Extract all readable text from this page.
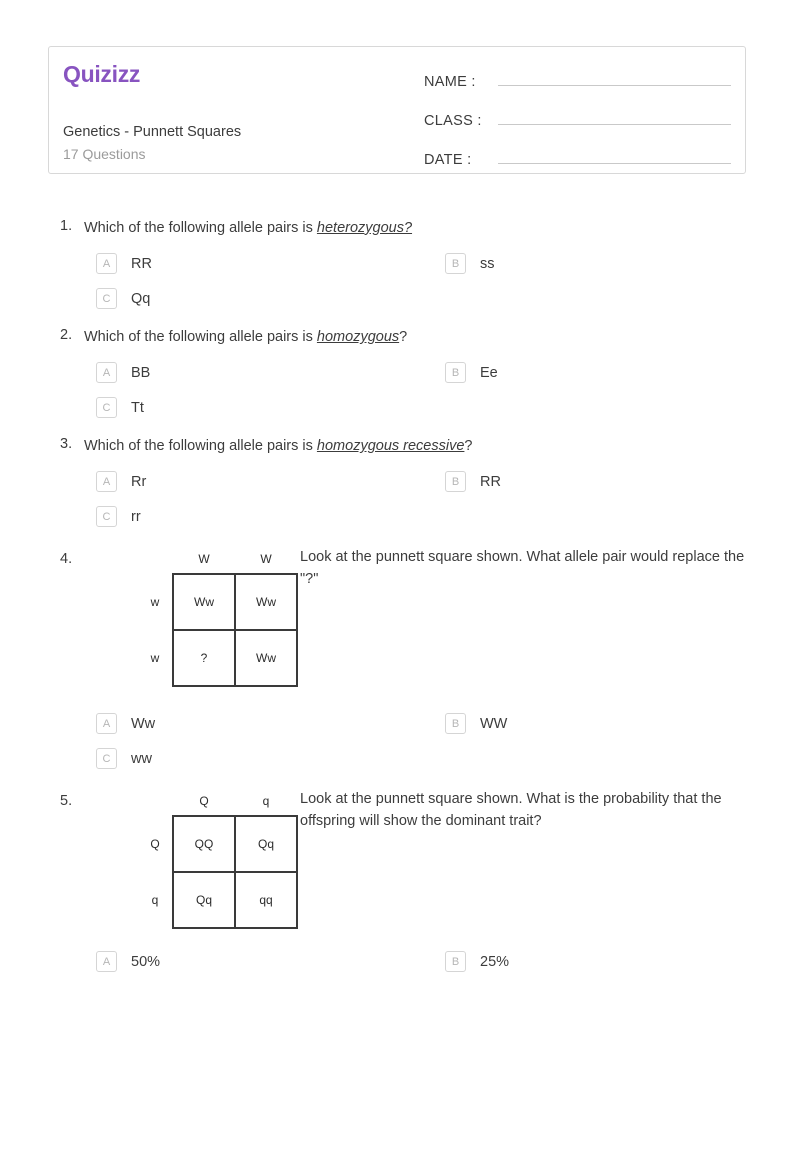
Quizizz
Genetics - Punnett Squares
17 Questions
NAME :
CLASS :
DATE :
1. Which of the following allele pairs is heterozygous?
A	RR	B	ss
C	Qq
2. Which of the following allele pairs is homozygous?
A	BB	B	Ee
C	Tt
3. Which of the following allele pairs is homozygous recessive?
A	Rr	B	RR
C	rr
4.
		W	W
w	Ww	Ww
w	?	Ww
Look at the punnett square shown. What allele pair would replace the "?"
A	Ww	B	WW
C	ww
5.
		Q	q
Q	QQ	Qq
q	Qq	qq
Look at the punnett square shown. What is the probability that the offspring will show the dominant trait?
A	50%	B	25%
